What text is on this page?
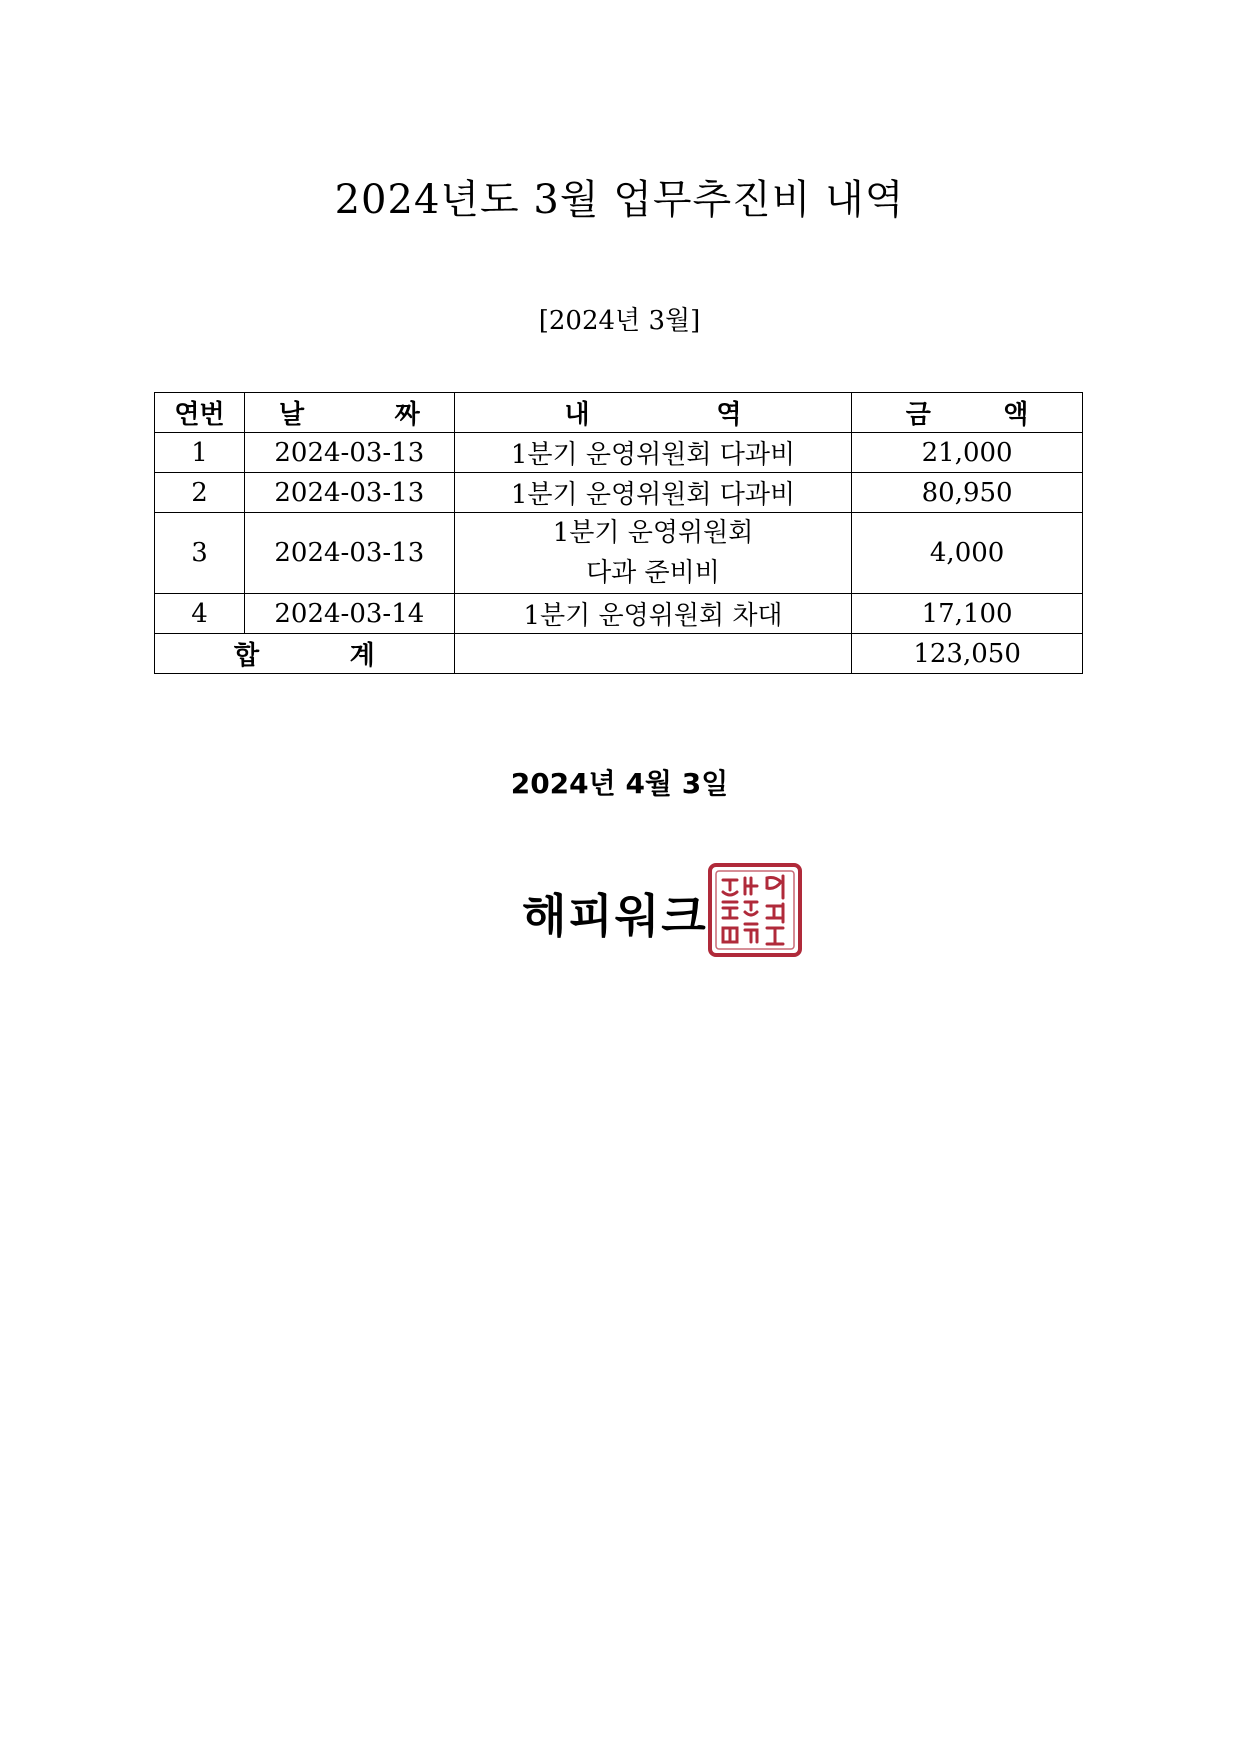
2024년도 3월 업무추진비 내역
[2024년 3월]
연번	날          짜	내              역	금        액
1	2024-03-13	1분기 운영위원회 다과비	21,000
2	2024-03-13	1분기 운영위원회 다과비	80,950
3	2024-03-13	1분기 운영위원회
다과 준비비	4,000
4	2024-03-14	1분기 운영위원회 차대	17,100
합          계			123,050
2024년 4월 3일
해피워크
